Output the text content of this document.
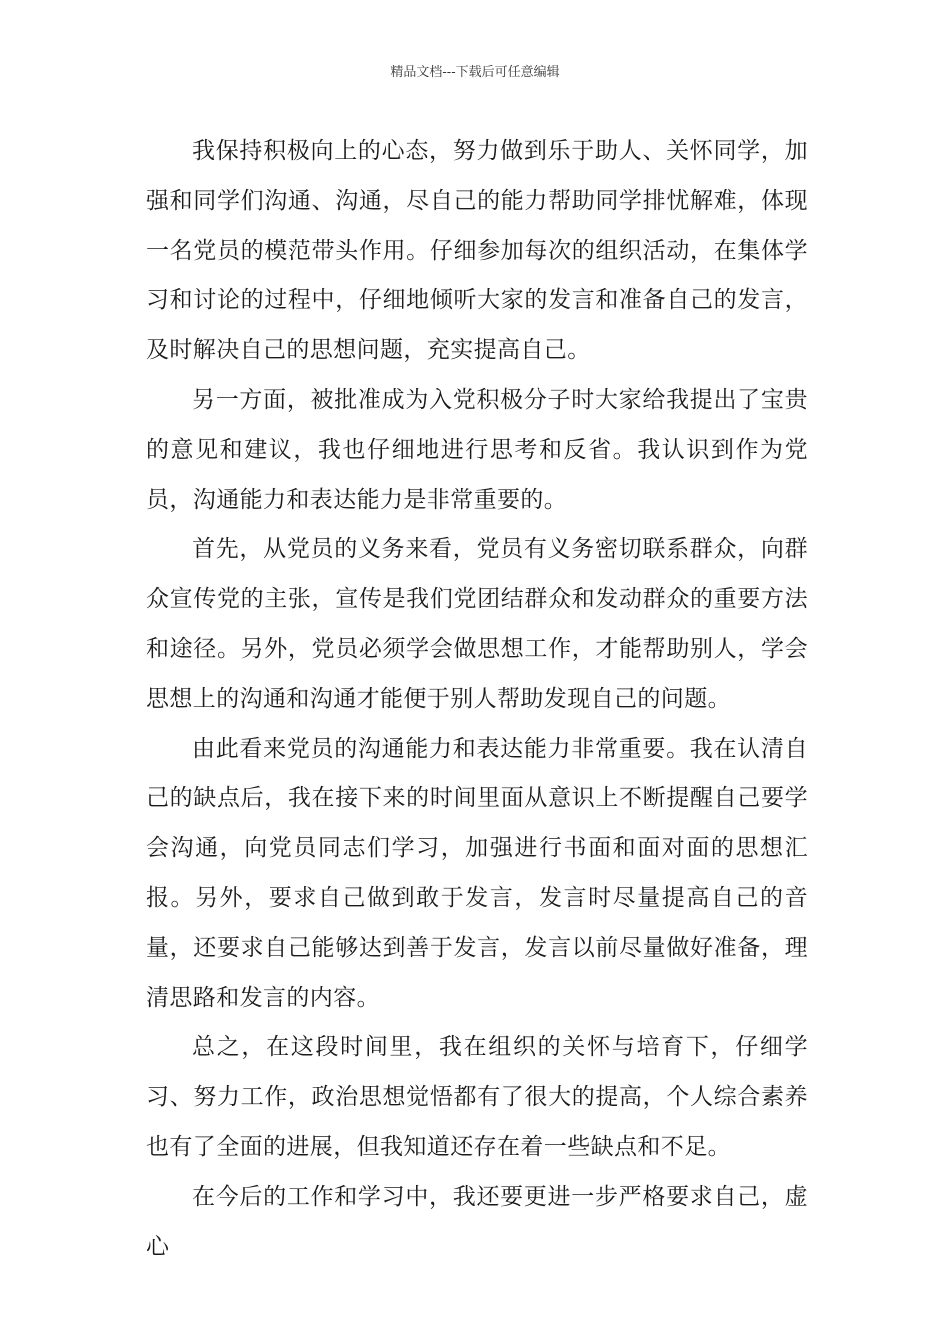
精品文档---下载后可任意编辑

我保持积极向上的心态，努力做到乐于助人、关怀同学，加强和同学们沟通、沟通，尽自己的能力帮助同学排忧解难，体现一名党员的模范带头作用。仔细参加每次的组织活动，在集体学习和讨论的过程中，仔细地倾听大家的发言和准备自己的发言，及时解决自己的思想问题，充实提高自己。

另一方面，被批准成为入党积极分子时大家给我提出了宝贵的意见和建议，我也仔细地进行思考和反省。我认识到作为党员，沟通能力和表达能力是非常重要的。

首先，从党员的义务来看，党员有义务密切联系群众，向群众宣传党的主张，宣传是我们党团结群众和发动群众的重要方法和途径。另外，党员必须学会做思想工作，才能帮助别人，学会思想上的沟通和沟通才能便于别人帮助发现自己的问题。

由此看来党员的沟通能力和表达能力非常重要。我在认清自己的缺点后，我在接下来的时间里面从意识上不断提醒自己要学会沟通，向党员同志们学习，加强进行书面和面对面的思想汇报。另外，要求自己做到敢于发言，发言时尽量提高自己的音量，还要求自己能够达到善于发言，发言以前尽量做好准备，理清思路和发言的内容。

总之，在这段时间里，我在组织的关怀与培育下，仔细学习、努力工作，政治思想觉悟都有了很大的提高，个人综合素养也有了全面的进展，但我知道还存在着一些缺点和不足。

在今后的工作和学习中，我还要更进一步严格要求自己，虚心
